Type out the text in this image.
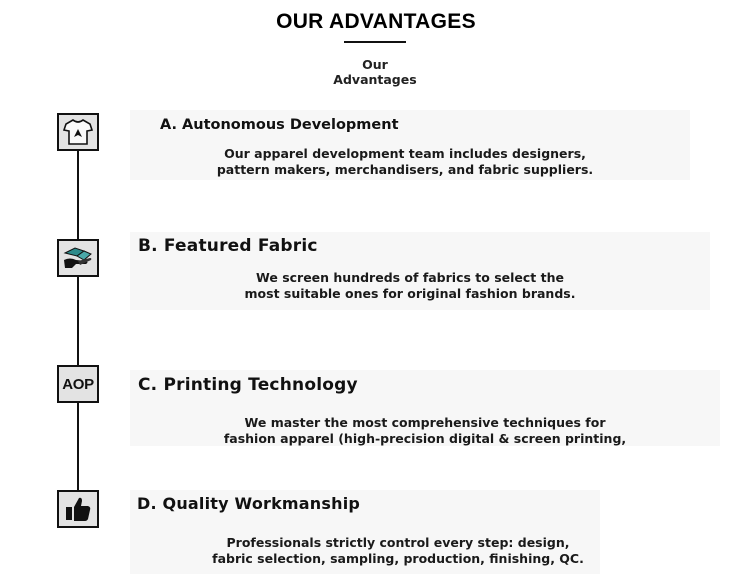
OUR ADVANTAGES
Our
Advantages
A. Autonomous Development
Our apparel development team includes designers,
pattern makers, merchandisers, and fabric suppliers.
B. Featured Fabric
We screen hundreds of fabrics to select the
most suitable ones for original fashion brands.
AOP	C. Printing Technology
We master the most comprehensive techniques for
fashion apparel (high-precision digital & screen printing,
D. Quality Workmanship
Professionals strictly control every step: design,
fabric selection, sampling, production, finishing, QC.
